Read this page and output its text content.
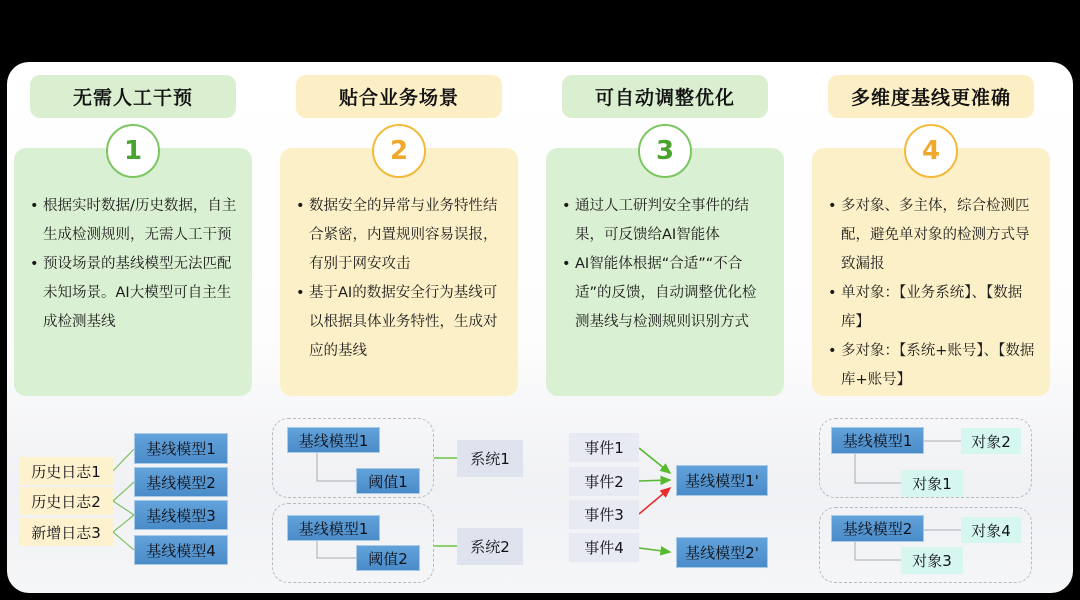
无需人工干预	贴合业务场景	可自动调整优化	多维度基线更准确
1	2	3	4
• 根据实时数据/历史数据，自主生成检测规则，无需人工干预
• 预设场景的基线模型无法匹配未知场景。AI大模型可自主生成检测基线
• 数据安全的异常与业务特性结合紧密，内置规则容易误报，有别于网安攻击
• 基于AI的数据安全行为基线可以根据具体业务特性，生成对应的基线
• 通过人工研判安全事件的结果，可反馈给AI智能体
• AI智能体根据“合适”“不合适”的反馈，自动调整优化检测基线与检测规则识别方式
• 多对象、多主体，综合检测匹配，避免单对象的检测方式导致漏报
• 单对象：【业务系统】、【数据库】
• 多对象：【系统+账号】、【数据库+账号】
历史日志1
历史日志2
新增日志3
基线模型1
基线模型2
基线模型3
基线模型4
基线模型1
阈值1
系统1
基线模型1
阈值2
系统2
事件1
事件2
事件3
事件4
基线模型1'
基线模型2'
基线模型1	对象2
对象1
基线模型2	对象4
对象3
